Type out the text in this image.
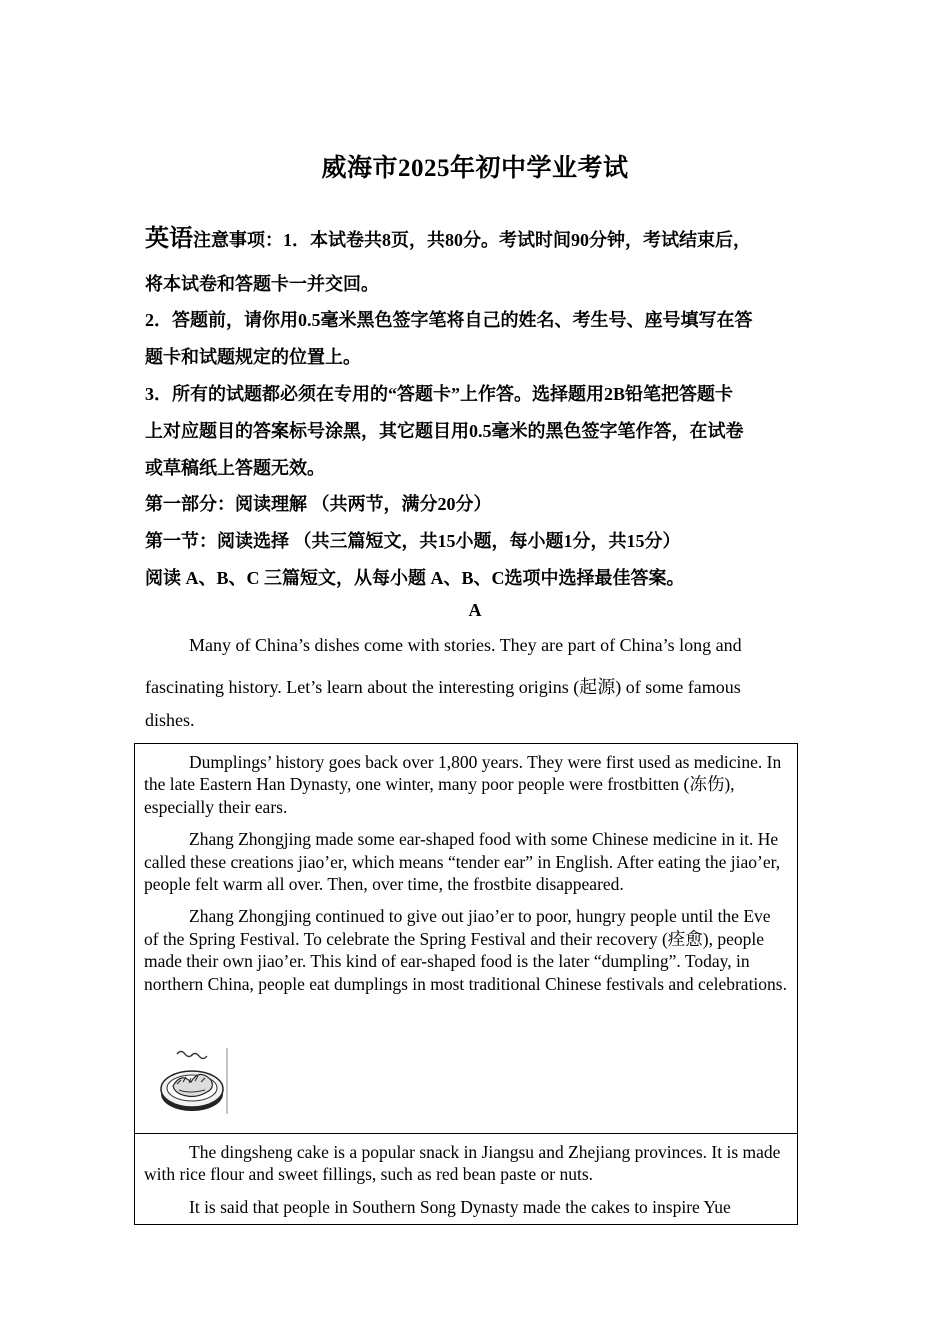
威海市2025年初中学业考试
英语注意事项：1．本试卷共8页，共80分。考试时间90分钟，考试结束后，
将本试卷和答题卡一并交回。
2．答题前，请你用0.5毫米黑色签字笔将自己的姓名、考生号、座号填写在答
题卡和试题规定的位置上。
3．所有的试题都必须在专用的“答题卡”上作答。选择题用2B铅笔把答题卡
上对应题目的答案标号涂黑，其它题目用0.5毫米的黑色签字笔作答，在试卷
或草稿纸上答题无效。
第一部分：阅读理解 （共两节，满分20分）
第一节：阅读选择 （共三篇短文，共15小题，每小题1分，共15分）
阅读 A、B、C 三篇短文，从每小题 A、B、C选项中选择最佳答案。
A
Many of China’s dishes come with stories. They are part of China’s long and
fascinating history. Let’s learn about the interesting origins (起源) of some famous
dishes.

Dumplings’ history goes back over 1,800 years. They were first used as medicine. In the late Eastern Han Dynasty, one winter, many poor people were frostbitten (冻伤), especially their ears.

Zhang Zhongjing made some ear-shaped food with some Chinese medicine in it. He called these creations jiao’er, which means “tender ear” in English. After eating the jiao’er, people felt warm all over. Then, over time, the frostbite disappeared.

Zhang Zhongjing continued to give out jiao’er to poor, hungry people until the Eve of the Spring Festival. To celebrate the Spring Festival and their recovery (痊愈), people made their own jiao’er. This kind of ear-shaped food is the later “dumpling”. Today, in northern China, people eat dumplings in most traditional Chinese festivals and celebrations.

The dingsheng cake is a popular snack in Jiangsu and Zhejiang provinces. It is made with rice flour and sweet fillings, such as red bean paste or nuts.

It is said that people in Southern Song Dynasty made the cakes to inspire Yue
